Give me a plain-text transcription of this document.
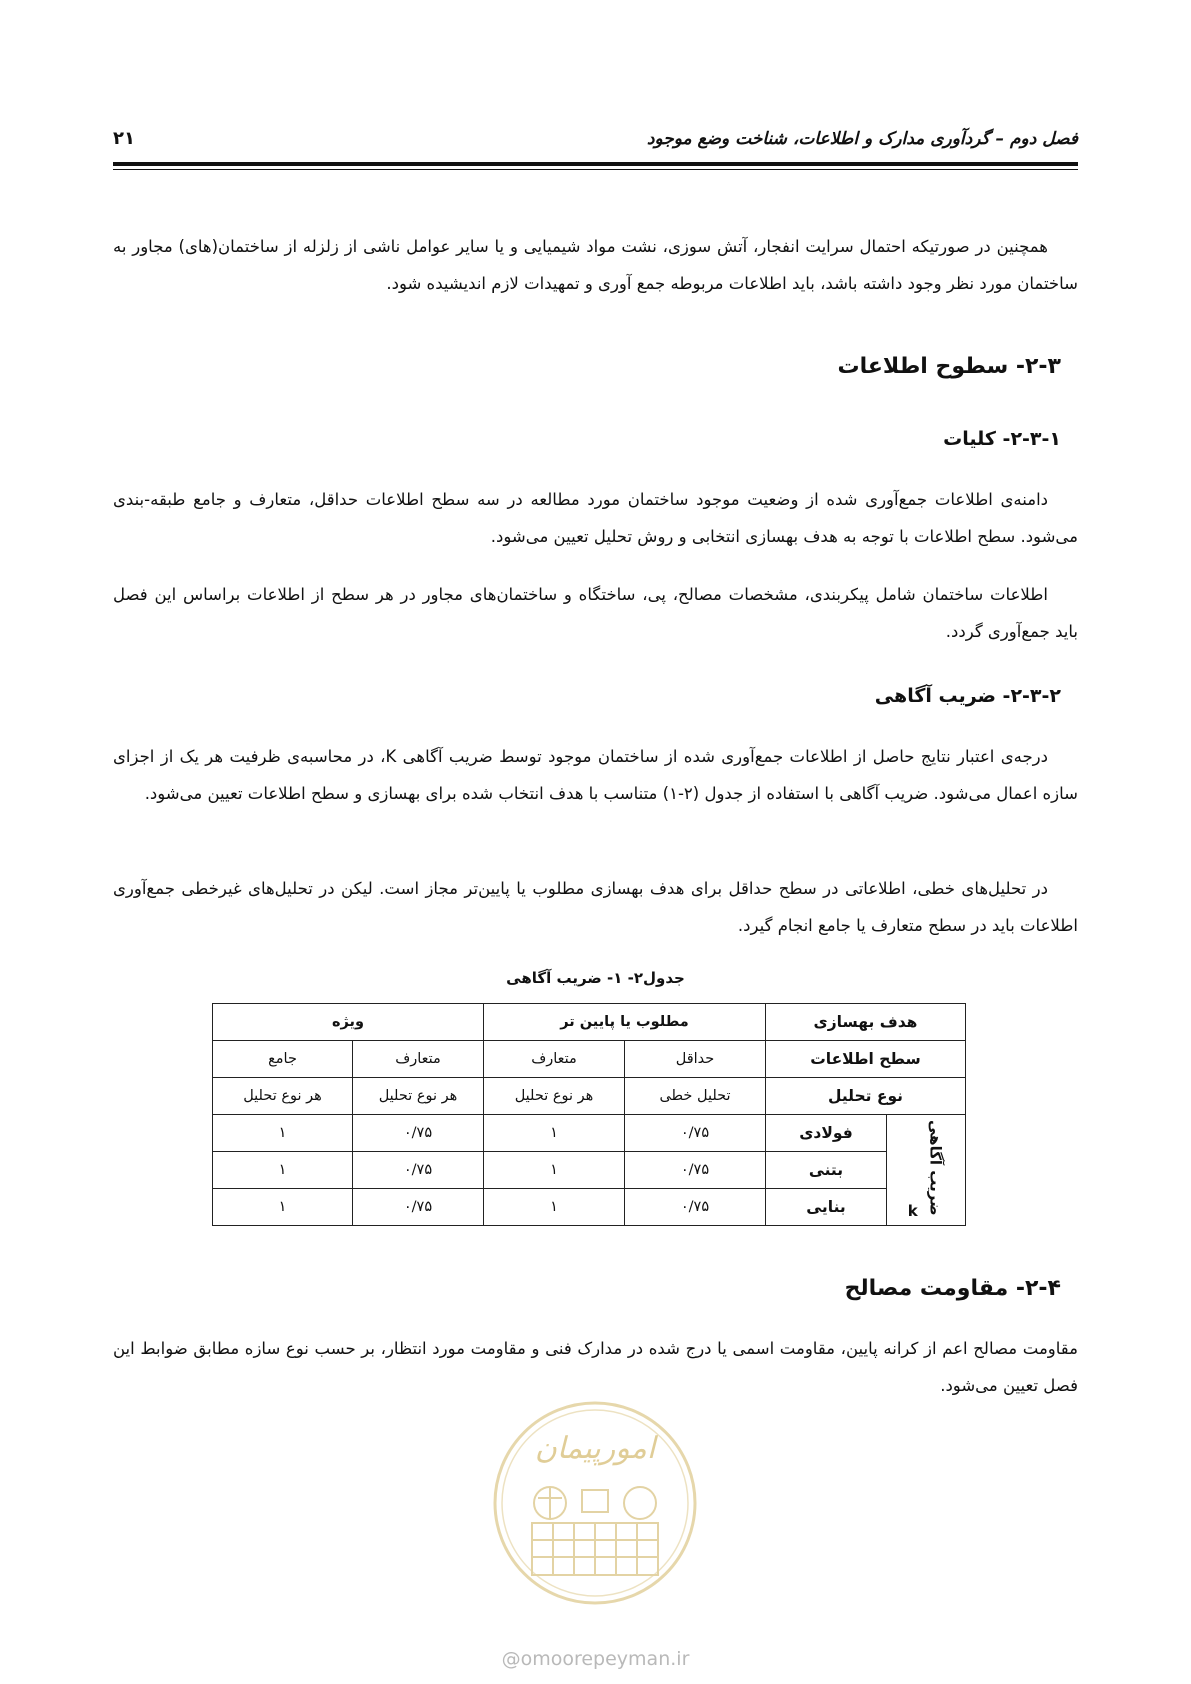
فصل دوم – گردآوری مدارک و اطلاعات، شناخت وضع موجود
۲۱
همچنین در صورتیکه احتمال سرایت انفجار، آتش سوزی، نشت مواد شیمیایی و یا سایر عوامل ناشی از زلزله از ساختمان(های) مجاور به ساختمان مورد نظر وجود داشته باشد، باید اطلاعات مربوطه جمع آوری و تمهیدات لازم اندیشیده شود.
۲-۳- سطوح اطلاعات
۲-۳-۱- کلیات
دامنه‌ی اطلاعات جمع‌آوری شده از وضعیت موجود ساختمان مورد مطالعه در سه سطح اطلاعات حداقل، متعارف و جامع طبقه-بندی می‌شود. سطح اطلاعات با توجه به هدف بهسازی انتخابی و روش تحلیل تعیین می‌شود.
اطلاعات ساختمان شامل پیکربندی، مشخصات مصالح، پی، ساختگاه و ساختمان‌های مجاور در هر سطح از اطلاعات براساس این فصل باید جمع‌آوری گردد.
۲-۳-۲- ضریب آگاهی
درجه‌ی اعتبار نتایج حاصل از اطلاعات جمع‌آوری شده از ساختمان موجود توسط ضریب آگاهی K، در محاسبه‌ی ظرفیت هر یک از اجزای سازه اعمال می‌شود. ضریب آگاهی با استفاده از جدول (۲-۱) متناسب با هدف انتخاب شده برای بهسازی و سطح اطلاعات تعیین می‌شود.
در تحلیل‌های خطی، اطلاعاتی در سطح حداقل برای هدف بهسازی مطلوب یا پایین‌تر مجاز است. لیکن در تحلیل‌های غیرخطی جمع‌آوری اطلاعات باید در سطح متعارف یا جامع انجام گیرد.
جدول۲- ۱- ضریب آگاهی
هدف بهسازی		مطلوب یا پایین تر		ویژه	
سطح اطلاعات		حداقل	متعارف	متعارف	جامع
نوع تحلیل		تحلیل خطی	هر نوع تحلیل	هر نوع تحلیل	هر نوع تحلیل
ضریب آگاهی k	فولادی	۰/۷۵	۱	۰/۷۵	۱
	بتنی	۰/۷۵	۱	۰/۷۵	۱
	بنایی	۰/۷۵	۱	۰/۷۵	۱
۲-۴- مقاومت مصالح
مقاومت مصالح اعم از کرانه پایین، مقاومت اسمی یا درج شده در مدارک فنی و مقاومت مورد انتظار، بر حسب نوع سازه مطابق ضوابط این فصل تعیین می‌شود.
امورپیمان
@omoorepeyman.ir
